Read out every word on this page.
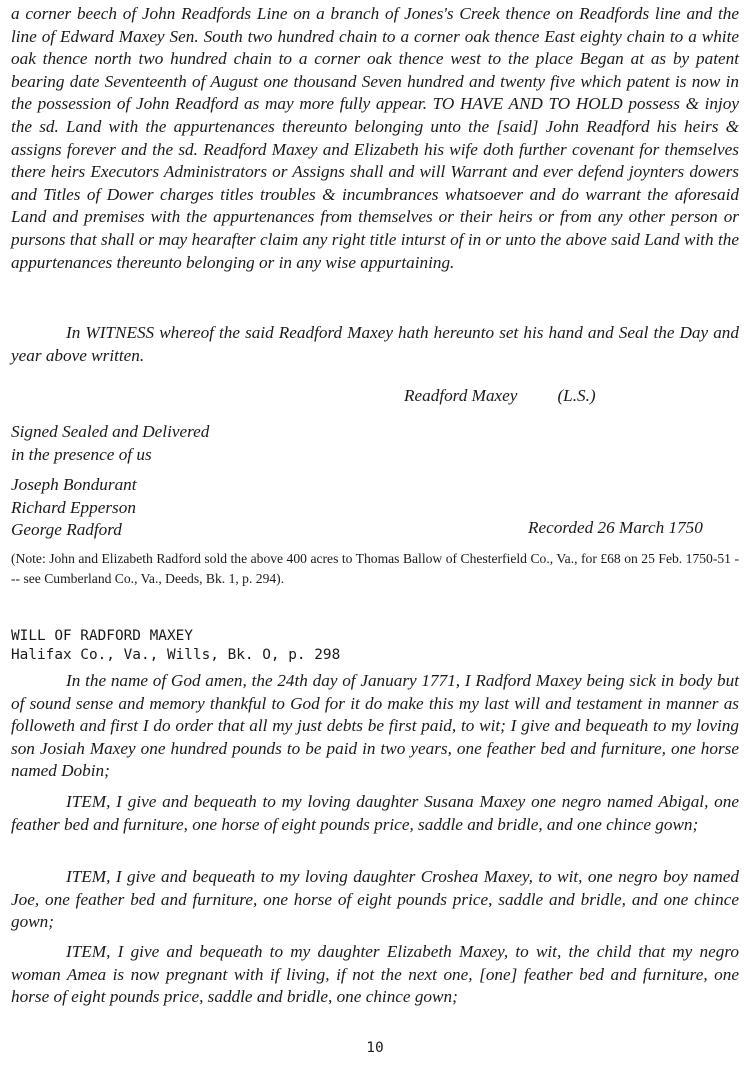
a corner beech of John Readfords Line on a branch of Jones's Creek thence on Readfords line and the line of Edward Maxey Sen. South two hundred chain to a corner oak thence East eighty chain to a white oak thence north two hundred chain to a corner oak thence west to the place Began at as by patent bearing date Seventeenth of August one thousand Seven hundred and twenty five which patent is now in the possession of John Readford as may more fully appear. TO HAVE AND TO HOLD possess & injoy the sd. Land with the appurtenances thereunto belonging unto the [said] John Readford his heirs & assigns forever and the sd. Readford Maxey and Elizabeth his wife doth further covenant for themselves there heirs Executors Administrators or Assigns shall and will Warrant and ever defend joynters dowers and Titles of Dower charges titles troubles & incumbrances whatsoever and do warrant the aforesaid Land and premises with the appurtenances from themselves or their heirs or from any other person or pursons that shall or may hearafter claim any right title inturst of in or unto the above said Land with the appurtenances thereunto belonging or in any wise appurtaining.

In WITNESS whereof the said Readford Maxey hath hereunto set his hand and Seal the Day and year above written.

Readford Maxey (L.S.)

Signed Sealed and Delivered
in the presence of us

Joseph Bondurant
Richard Epperson
George Radford	Recorded 26 March 1750

(Note: John and Elizabeth Radford sold the above 400 acres to Thomas Ballow of Chesterfield Co., Va., for £68 on 25 Feb. 1750-51 --- see Cumberland Co., Va., Deeds, Bk. 1, p. 294).

WILL OF RADFORD MAXEY
Halifax Co., Va., Wills, Bk. O, p. 298

In the name of God amen, the 24th day of January 1771, I Radford Maxey being sick in body but of sound sense and memory thankful to God for it do make this my last will and testament in manner as followeth and first I do order that all my just debts be first paid, to wit; I give and bequeath to my loving son Josiah Maxey one hundred pounds to be paid in two years, one feather bed and furniture, one horse named Dobin;

ITEM, I give and bequeath to my loving daughter Susana Maxey one negro named Abigal, one feather bed and furniture, one horse of eight pounds price, saddle and bridle, and one chince gown;

ITEM, I give and bequeath to my loving daughter Croshea Maxey, to wit, one negro boy named Joe, one feather bed and furniture, one horse of eight pounds price, saddle and bridle, and one chince gown;

ITEM, I give and bequeath to my daughter Elizabeth Maxey, to wit, the child that my negro woman Amea is now pregnant with if living, if not the next one, [one] feather bed and furniture, one horse of eight pounds price, saddle and bridle, one chince gown;

10
